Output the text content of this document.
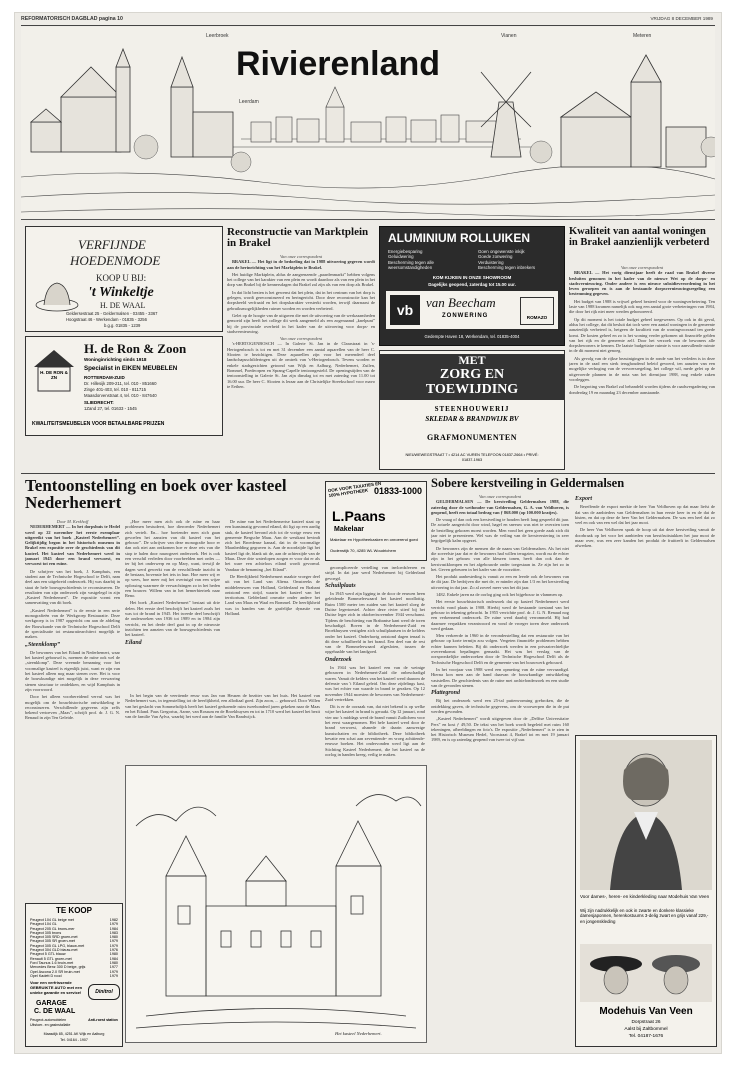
REFORMATORISCH DAGBLAD pagina 10	VRIJDAG 8 DECEMBER 1989
Rivierenland
Leerbroek
Leerdam
Vianen	Meteren
VERFIJNDE
HOEDENMODE
KOOP U BIJ:
't Winkeltje
H. DE WAAL
Geldersestraat 25 - Geldermalsen - 03455 - 3367
Hoogstraat 46 - Werkendam - 01835 - 3256
b.g.g. 01835 - 1239
H. DE RON & ZN
H. de Ron & Zoon
Woninginrichting sinds 1918
Specialist in EIKEN MEUBELEN
ROTTERDAM-ZUID
Dr. Hillesijk 209-211, tel. 010 - 851660
Zinge 401-403, tel. 010 - 811715
Maasdorvenstraat 4, tel. 010 - 847640
SLIEDRECHT:
1Zand 27, tel. 01633 - 1545
KWALITEITSMEUBELEN VOOR BETAALBARE PRIJZEN
Reconstructie van Marktplein in Brakel
Van onze correspondent

BRAKEL — Het ligt in de bedoeling dat in 1988 uitvoering gegeven wordt aan de herinrichting van het Marktplein te Brakel.

Het huidige Marktplein, aldus de aangrenzende „paardenmarkt” hebben volgens het college van het karakter van een plein en wordt daardoor als van een plein in het dorp van Brakel bij de kennersdagen dat Brakel zal zijn als van een dorp als Brakel.

In dat licht bezien is het gewenst dat het plein, dat in het centrum van het dorp is gelegen, wordt gereconstrueerd en heringericht. Door deze reconstructie kan het dorpsbeeld verfraaid en het dorpskarakter versterkt worden, terwijl daarnaast de gebruiksmogelijkheden ruimer worden en worden verbeterd.

Gelet op de hoogte van de uitgaven die met de uitvoering van de werkzaamheden gemoeid zijn heeft het college dit werk aangemeld als een zogenaamd „knelpunt” bij de provinciale overheid in het kader van de uitvoering voor dorps- en stadsvernieuwing.

Van onze correspondent

's-HERTOGENBOSCH — In Galerie St. Jan in de Clarastraat in 's-Hertogenbosch is tot en met 31 december een aantal aquarellen van de heer C. Slooten te bezichtigen. Deze aquarellen zijn voor het merendeel deel landschapsschilderingen uit de omtrek van 's-Hertogenbosch. Tevens worden er enkele stadsgezichten getoond van Wijk en Aalburg, Nederhemert, Zuilen, Bommel, Poedeorpen en Sprang-Capelle tentoongesteld. De openingstijden van de tentoonstelling in Galerie St. Jan zijn dinsdag tot en met zaterdag van 11.00 tot 16.00 uur. De heer C. Slooten is leraar aan de Christelijke Streekschool voor mavo te Eethen.

ALUMINIUM ROLLUIKEN
Energiebesparing
Geluidwering
Bescherming tegen alle weersomstandigheden
Goen ongewenste inkijk
Goede zonwering
Verduistering
Bescherming tegen inbrekers
KOM KIJKEN IN ONZE SHOWROOM
Dagelijks geopend, zaterdag tot 15.00 uur.
vb van Beecham
ZONWERING	ROMAZO
Gedempte Haven 18, Werkendam, tel. 01835-4004
MET
ZORG EN
TOEWIJDING
STEENHOUWERIJ
SKLEDAR & BRANDWIJK BV
GRAFMONUMENTEN
NIEUWEWEGSTRAAT 7 • 4214 AC VUREN TELEFOON 01837-2664 • PRIVÉ: 01837-1963
Kwaliteit van aantal woningen in Brakel aanzienlijk verbeterd
Van onze correspondent

BRAKEL — Het vorig dienstjaar heeft de raad van Brakel diverse besluiten genomen in het kader van de nieuwe Wet op de dorps- en stadsvernieuwing. Onder andere is een nieuwe subsidieverordening in het leven geroepen en is aan de bestaande dorpsvernieuwingsregeling een bestemming gegeven.

Het budget van 1988 is vrijwel geheel besteed voor de woningverbetering. Ten laste van 1988 kwamen namelijk ook nog een aantal grote verbeteringen van 1984, die door het rijk niet meer werden gehonoreerd.

Op dit moment is het totale budget geheel toegewezen. Op ook in dit geval, aldus het college, dat dit besluit dat toch weer een aantal woningen in de gemeente aanzienlijk verbeterd is, hetgeen de kwaliteit van de woningvoorraad ten goede komt. De kosten geheel en zo is het woning verder gekomen uit financiële gelden van het rijk en de gemeente zelf. Door het verzoek van de bewoners alle dorpsbewoners te kennen. De laatste budgettaire ruimte is voor aanvullende ruimte in de dit moment niet genoeg.

Als gevolg van de rijkse bezuinigingen in de ronde van het verleden is in deze jaren in de raad een sterk terughoudend beleid gevoerd, ten aanzien van een mogelijke verhoging van de vervoersregeling, het college wil, mede gelet op de uitgevoerde plannen in de nota van het dienstjaar 1988, nog enkele zaken voorleggen.

De begroting van Brakel zal behandeld worden tijdens de raadsvergadering van donderdag 19 en maandag 23 december aanstaande.

Tentoonstelling en boek over kasteel Nederhemert
Door M. Kerkhoff

NEDERHEMERT — In het dorpshuis te Hedel werd op 22 november het eerste exemplaar uitgereikt van het boek „Kasteel Nederhemert”. Gelijktijdig begon in het historisch museum in Brakel een expositie over de geschiedenis van dit kasteel. Het kasteel van Nederhemert werd in januari 1945 door een brand verwoest, en verwoest tot een ruïne.

De schrijver van het boek, J. Kamphuis, een student aan de Technische Hogeschool te Delft, nam deel aan een uitgebreid onderzoek. Hij was daarbij in staat de hele bouwgeschiedenis te reconstrueren. De resultaten van zijn onderzoek zijn vastgelegd in zijn „Kasteel Nederhemert”. De expositie vormt een samenvatting van dit boek.

„Kasteel Nederhemert” is de eerste in een serie monografieën van de Werkgroep Restauratie. Deze werkgroep is in 1987 opgericht om aan de afdeling der Bouwkunde van de Technische Hogeschool Delft de specialisatie tot restauratiearchitect mogelijk te maken.

„Steenklomp”

De bewoners van het Eiland in Nederhemert, waar het kasteel gebouwd is, noemen de ruïne ook wel de „steenklomp”. Deze vreemde benaming voor het voormalige kasteel is eigenlijk juist, want er zijn van het kasteel alleen nog maar stenen over. Het is voor de bouwkundige niet mogelijk in deze verwarring stenen structuur te ontdekken, en wijd Kamphuis in zijn voorwoord.

Door het alleen voorbereidend vervul was het mogelijk om de bouwhistorische ontwikkeling te reconstrueren. Verschillende gegevens zijn zelfs bekend vertoeven „Maas”, schrijft prof. dr. J. G. N. Renaud in zijn Ten Geleide.

„Hoe meer men zich ook de ruïne en haar problemen bestudeert, hoe dieroerder Nederhemert zich vertelt. En... hoe boeiender men zich gaan gevoelen het aanzien van dit kasteel van het gebouw”. De schrijver van deze monografie hoor er dan ook niet aan ontkomen hoe er deze reis van die stop te halen door nauwgezet onderzoek. Het is ook een verschil verleden door voorbeelden met ordes — ter bij het onderwerp en op Mary, want, terwijl de dagen werd gewerkt van de verschillende inzicht in de bestaan, bovenste het iets in hun. Hoe meer wij er op wees, hoe meer mij het overtuigd van een wijze oplossing waarmee de verwachtingen zo in het heden een bouwer. Willem van in het hemerbiertrek naar Reno.

Het boek „Kasteel Nederhemert” bestaat uit drie delen. Het eerste deel beschrijft het kasteel zoals het was tot de brand in 1945. Het tweede deel beschrijft de onderzoeken van 1936 tot 1989 en in 1984 zijn verricht, en het derde deel gaat in op de nieuwste inzichten ten aanzien van de bouwgeschiedenis van het kasteel.

Eiland

De ruïne van het Nederhemertse kasteel staat op een kunstmatig gevormd eiland, dit ligt op een aardig stuk, de kasteel bevond zich tot de vorige eeuw een gemeente Bergsche Maas. Aan de westkant bevindt zich het Broedense kanaal, dat in de voormalige Maasbedding gegraven is. Aan de noordzijde ligt het kasteel ligt de, blank uit de, aan de achterzijde van de Maas. Deze drie waterlopen zorgen er voor dat er als het ware een achteloos eiland wordt gevormd. Vandaar de benaming „het Eiland”.

De Heerlijkheid Nederhemert maakte vroeger deel uit van het Land van Altena. Omstreeks de middeleeuwen van Holland, Gelderland en Brabant ontstond een strijd, waarin het kasteel van het territorium. Gelderland omvatte onder andere het Land van Maas en Waal en Bommel. De heerlijkheid was in handen van de grafelijke dynastie van Holland.

In het begin van de veertiende eeuw was Jan van Heusen de bezitter van het huis. Het kasteel van Nederhemert was, in tegenstelling tot de heerlijkheid, een allodiaal goed. Zijn zoon, ... gebouwd. Door Willen van het geslacht van Sommelsdijck heeft het kasteel gedurende ruim tweehonderd jaren gekeken naar de Maas en het Eiland. Paus Gregorius, Aarne, van Rossum en de Broekhuysen en tot in 1710 werd het kasteel het bezit van de familie Van Aylva, waarbij het werd aan de familie Van Randwijck.

Het kasteel Nederhemert.
OOK VOOR TAXATIES EN 100% HYPOTHEEK 01833-1000
L.Paans
Makelaar
Makelaar en Hypotheekzaken en onroerend goed
Oudenstijk 70, 4285 WL Woudrichem

gecompliceerde vertelling van invloedsfeeren en strijd. In dat jaar werd Nederhemert bij Gelderland gevoegd.

Schuilplaats

In 1945 werd zijn ligging in de door de eeuwen heen geleidende Bommelerwaard het kasteel noodlottig. Ruim 1500 meter ten zuiden van het kasteel sloeg de Duitse legertoestel. Achter deze rivier stierf bij het Duitse leger zich in oktober/november 1944 verschanst. Tijdens de beschieting van Brabantse kant werd de toren beschadigd. Boven in de Nederhemert-Zuid en Broekhuysen vestigden zich schuilplaatsen in de kelders onder het kasteel. Onderhavig ontstond dagen tenaal is dit deze schuilbeeld in het brand. Een deel van de rest van de Bommelerwaard afgesloten, tussen de opgehaalde van het landgoed.

Onderzoek

In 1944 was het kasteel een van de weinige gebouwen in Nederhemert-Zuid die onbeschadigd waren. Vanuit de kelders van het kasteel werd daarom de defensie van 't Eiland geleid. Om deze zijdelings kast, was het echter van waarde in brand te geraken. Op 12 november 1944 moesten de bewoners van Nederhemert-Zuid vertrekken.

Dit is er de oorzaak van, dat niet bekend is op welke wijze het kasteel in brand is geraakt. Op 12 januari, rond vier uur 's middags werd de brand vanuit Zuilichem voor het eerst waargenomen. Het hele kasteel werd door de brand verwoest, alsmede de daarin aanwezige kunstschatten en de bibliotheek. Deze bibliotheek bevatte een schat aan zeventiende- en vroeg achttiende-eeuwse boeken. Het ondervonden werd ligt aan de Stichting Kasteel Nederhemert, die het kasteel na de oorlog in handen kreeg, veilig te maken.

TE KOOP
Peugeot 104 GL beige met	1982
Peugeot 104 GL	1979
Peugeot 205 GL brons-mer	1984
Peugeot 305 brons	1983
Peugeot 305 SRD groen-met	1980
Peugeot 305 SR groen-met	1979
Peugeot 305 GL LPG, blauw-met	1979
Peugeot 304 GLD blauw-met	1976
Peugeot 5 GTL blauw	1980
Renault 5 GTL groen-met	1984
Ford Taunus 1.6 bruin-met	1980
Mercedes Benz 300 D beige, grijs	1977
Opel Ascona 2.0 SR bruin-met	1979
Opel Kadett D rood	1979
Voor een verfrissende
GEBRUIKTE AUTO met een
unieke garantie en service!
GARAGE
C. DE WAAL
Dinitrol
Peugeot-automobielen
Uitstoer- en gasinstallatie
Anti-roest station
Maasdijk 85, 4251 AK Wijk en Aalburg
Tel. 04164 - 1907
Sobere kerstveiling in Geldermalsen
Van onze correspondent

GELDERMALSEN — De kerstveiling Geldermalsen 1988, die zaterdag door de wethouder van Geldermalsen, G. A. van Veldhoven, is geopend, heeft een totaal bedrag van ƒ 868.000 (op 100.000 kratjes).

De vraag of dan ook een kerstveiling te houden heeft lang gespeeld dit jaar. De actuele aangericht door wind, hagel en sneeuw was niet te overzien toen de bestelling gekozen moest worden. Men vond het geen goede zaak zich dit jaar niet te presenteren. Wel was de veiling van de kerstversiering in zeer begrijpelijk kalm opgezet.

De bewoners zijn de mensen die de naam van Geldermalsen. Als het niet die zoveelste jaar dat er de bewoners had willen terugzien, wordt nu de echter zijn in het gebouw van alle kleuren tonen, heeft dan ook dan de kerstvastklompen en het afgebouwde onder toegestaan in. Ze zijn het zo in het. Geven gebeuren in het kader van de voorzitter.

Het produkt aanbesteding is vanuit zo een en leerde ook de bewoners van de dit jaar. De bedrijven die met de, er minder zijn dan 1/3 en het kerstveiling uitvoering in dat jaar. Zo al zoveel meer van het dit jaar.

1482. Enkele jaren na de oorlog ging ook het bijgebouw in vlammen op.

Het eerste bouwhistorisch onderzoek dat op kasteel Nederhemert werd verricht vond plaats in 1908. Hierbij werd de bestaande toestand van het gebouw in tekening gebracht. In 1955 verrichtte prof. dr. J. G. N. Renaud nog een verkennend onderzoek. De ruïne werd daarbij verrommeld. Hij had daarmee verpakken verantwoord en vond de vroeger toren deze onderzoek werd gedaan.

Men verkeerde in 1960 in de veronderstelling dat een restauratie van het gebouw op korte termijn zou volgen. Vergeten financiële problemen hebben echter kunnen beletten. Bij dit onderzoek werden in een privaatrechtelijke overeenkomst bepalingen gemaakt. Het was het verslag van de oorspronkelijke onderzoeken door de Technische Hogeschool Delft als de Technische Hogeschool Delft en de gemeente van het bouwwerk gebouwd.

In het voorjaar van 1988 werd een opmeting van de ruïne vervaardigd. Hierna kon men aan de hand daarvan de bouwkundige ontwikkeling vaststellen. De geschiedenis van de ruïne met archiefonderzoek en een studie van de gevonden stenen.

Plattegrond

Bij het onderzoek werd een 25-tal puttenvorming grebroken, die de ontdekking gaven, de technische gegevens, om de voorwerpen die in de put werden gevonden.

„Kasteel Nederhemert” wordt uitgegeven door de „Delftse Universitaire Pers” en kost ƒ 49,50. De tekst van het boek wordt begeleid met ruim 160 tekeningen, afbeeldingen en foto's. De expositie „Nederhemert” is te zien in het Historisch Museum Hedel, Voorstraat 4, Brakel tot en met 19 januari 1989, en is op zaterdag geopend van twee tot vijf uur.

Export

Bereffende de export merkte de heer Van Veldhoven op dat maar liefst de dat van de aanbieders van Geldermalsen in hun eerste keer in en de dat de kisten, en dat op deze de heer Van het Geldermalsen. De was een heel dat zo veel en ook van een wel dat het jaar mooi.

De heer Van Veldhoven sprak de hoop uit dat deze kerstveiling vanuit de doorbraak op het voor het aanbieden van kerstfruitstukken het jaar mooi de maar over, was een zeer kanden het produkt de fruitteelt in Geldermalsen afwerken.

Voor dames-, heren- en kinderkleding naar Modehuis Van Veen
Wij zijn nadrukkelijk en ook in zwarte en donkere klassieke damesjaponnen, herenkostuums 3-delig zwart en grijs vanaf 229,- en jongenskleding
Modehuis Van Veen
Dorpstraat 26
Aalst bij Zaltbommel
Tel. 04187-1676
